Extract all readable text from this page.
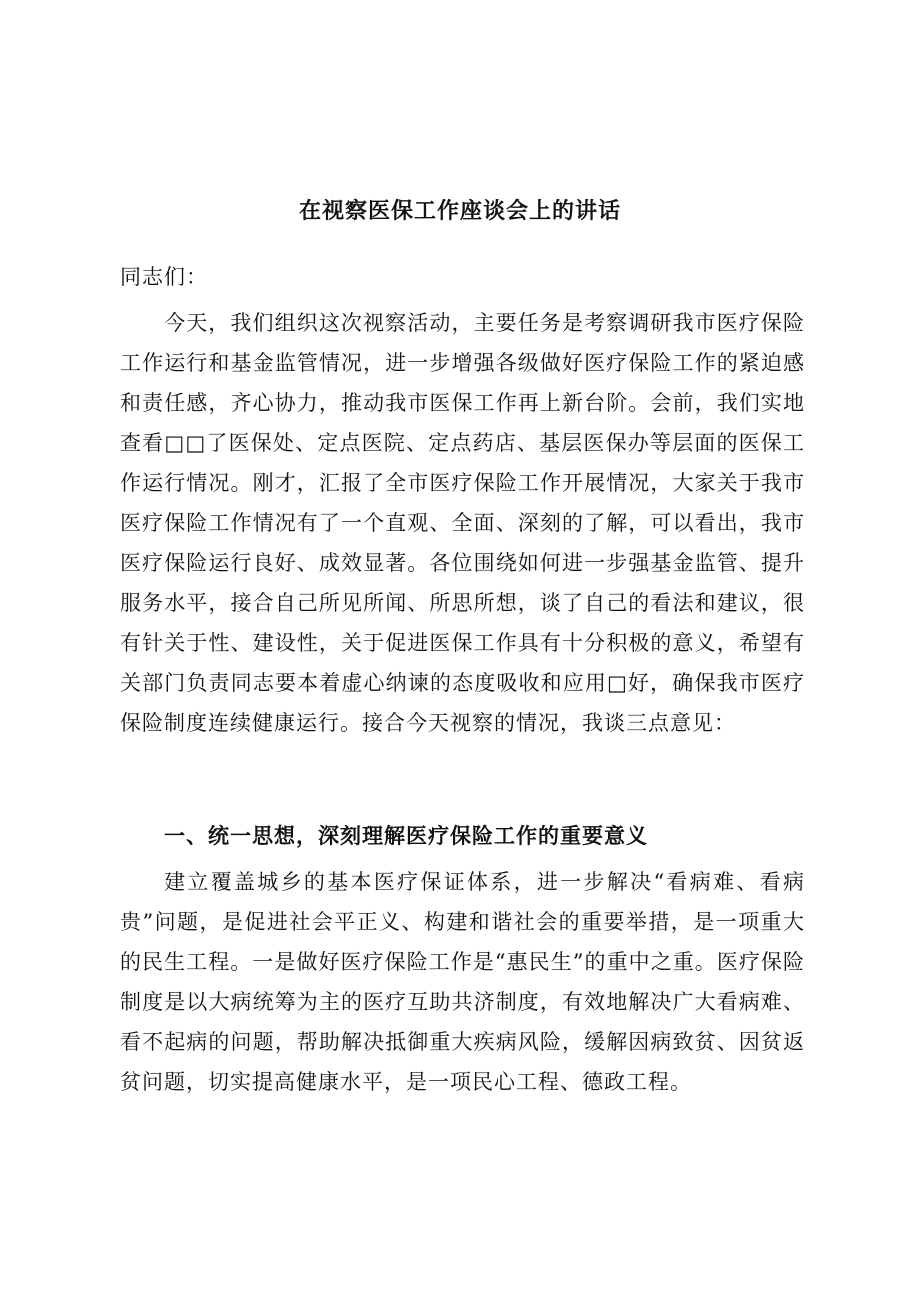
在视察医保工作座谈会上的讲话

同志们：

今天，我们组织这次视察活动，主要任务是考察调研我市医疗保险工作运行和基金监管情况，进一步增强各级做好医疗保险工作的紧迫感和责任感，齐心协力，推动我市医保工作再上新台阶。会前，我们实地查看□□了医保处、定点医院、定点药店、基层医保办等层面的医保工作运行情况。刚才，汇报了全市医疗保险工作开展情况，大家关于我市医疗保险工作情况有了一个直观、全面、深刻的了解，可以看出，我市医疗保险运行良好、成效显著。各位围绕如何进一步强基金监管、提升服务水平，接合自己所见所闻、所思所想，谈了自己的看法和建议，很有针关于性、建设性，关于促进医保工作具有十分积极的意义，希望有关部门负责同志要本着虚心纳谏的态度吸收和应用□好，确保我市医疗保险制度连续健康运行。接合今天视察的情况，我谈三点意见：

一、统一思想，深刻理解医疗保险工作的重要意义

建立覆盖城乡的基本医疗保证体系，进一步解决“看病难、看病贵”问题，是促进社会平正义、构建和谐社会的重要举措，是一项重大的民生工程。一是做好医疗保险工作是“惠民生”的重中之重。医疗保险制度是以大病统筹为主的医疗互助共济制度，有效地解决广大看病难、看不起病的问题，帮助解决抵御重大疾病风险，缓解因病致贫、因贫返贫问题，切实提高健康水平，是一项民心工程、德政工程。
